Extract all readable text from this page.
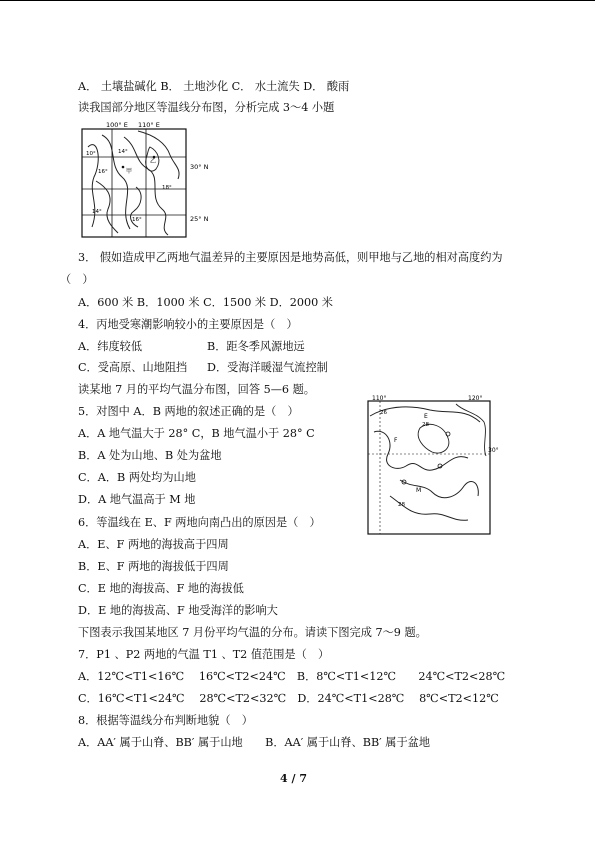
A． 土壤盐碱化 B． 土地沙化 C． 水土流失 D． 酸雨
读我国部分地区等温线分布图，分析完成 3～4 小题
100° E 110° E
30° N
25° N
10°	14°
16°
18°
14°
16°
甲
乙
3． 假如造成甲乙两地气温差异的主要原因是地势高低，则甲地与乙地的相对高度约为
（　）
A．600 米 B．1000 米 C．1500 米 D．2000 米
4．丙地受寒潮影响较小的主要原因是（　）
A．纬度较低	B．距冬季风源地远
C．受高原、山地阻挡 D．受海洋暖湿气流控制
读某地 7 月的平均气温分布图，回答 5—6 题。
5．对图中 A．B 两地的叙述正确的是（　）
A．A 地气温大于 28° C，B 地气温小于 28° C
B．A 处为山地、B 处为盆地
C．A．B 两处均为山地
D．A 地气温高于 M 地
110°	120°
30°
26
28
28
E
F
M
6．等温线在 E、F 两地向南凸出的原因是（　）
A．E、F 两地的海拔高于四周
B．E、F 两地的海拔低于四周
C．E 地的海拔高、F 地的海拔低
D．E 地的海拔高、F 地受海洋的影响大
下图表示我国某地区 7 月份平均气温的分布。请读下图完成 7～9 题。
7．P1 、P2 两地的气温 T1 、T2 值范围是（　）
A．12℃<T1<16℃　 16℃<T2<24℃　B．8℃<T1<12℃　　24℃<T2<28℃
C．16℃<T1<24℃　 28℃<T2<32℃　D．24℃<T1<28℃　 8℃<T2<12℃
8．根据等温线分布判断地貌（　）
A．AA′ 属于山脊、BB′ 属于山地　　B．AA′ 属于山脊、BB′ 属于盆地
4 / 7
